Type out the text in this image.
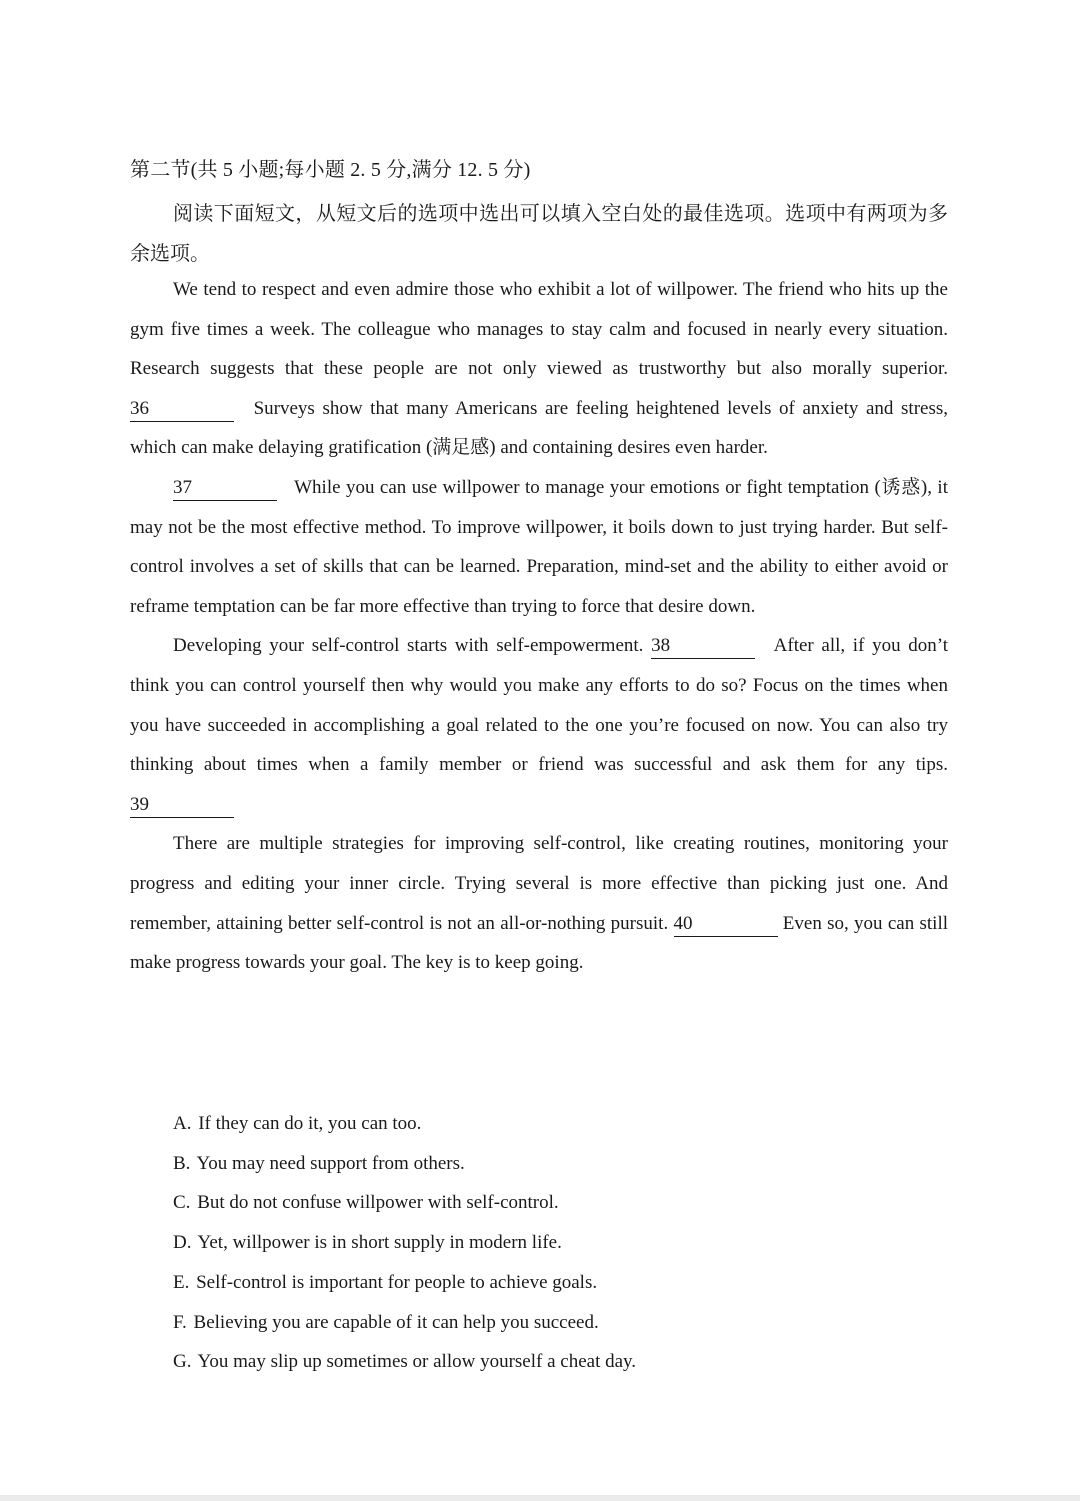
第二节(共 5 小题;每小题 2. 5 分,满分 12. 5 分)
阅读下面短文，从短文后的选项中选出可以填入空白处的最佳选项。选项中有两项为多余选项。

We tend to respect and even admire those who exhibit a lot of willpower. The friend who hits up the gym five times a week. The colleague who manages to stay calm and focused in nearly every situation. Research suggests that these people are not only viewed as trustworthy but also morally superior. 36	Surveys show that many Americans are feeling heightened levels of anxiety and stress, which can make delaying gratification (满足感) and containing desires even harder.

37	While you can use willpower to manage your emotions or fight temptation (诱惑), it may not be the most effective method. To improve willpower, it boils down to just trying harder. But self-control involves a set of skills that can be learned. Preparation, mind-set and the ability to either avoid or reframe temptation can be far more effective than trying to force that desire down.

Developing your self-control starts with self-empowerment. 38	After all, if you don’t think you can control yourself then why would you make any efforts to do so? Focus on the times when you have succeeded in accomplishing a goal related to the one you’re focused on now. You can also try thinking about times when a family member or friend was successful and ask them for any tips. 39

There are multiple strategies for improving self-control, like creating routines, monitoring your progress and editing your inner circle. Trying several is more effective than picking just one. And remember, attaining better self-control is not an all-or-nothing pursuit. 40	Even so, you can still make progress towards your goal. The key is to keep going.

A. If they can do it, you can too.
B. You may need support from others.
C. But do not confuse willpower with self-control.
D. Yet, willpower is in short supply in modern life.
E. Self-control is important for people to achieve goals.
F. Believing you are capable of it can help you succeed.
G. You may slip up sometimes or allow yourself a cheat day.
